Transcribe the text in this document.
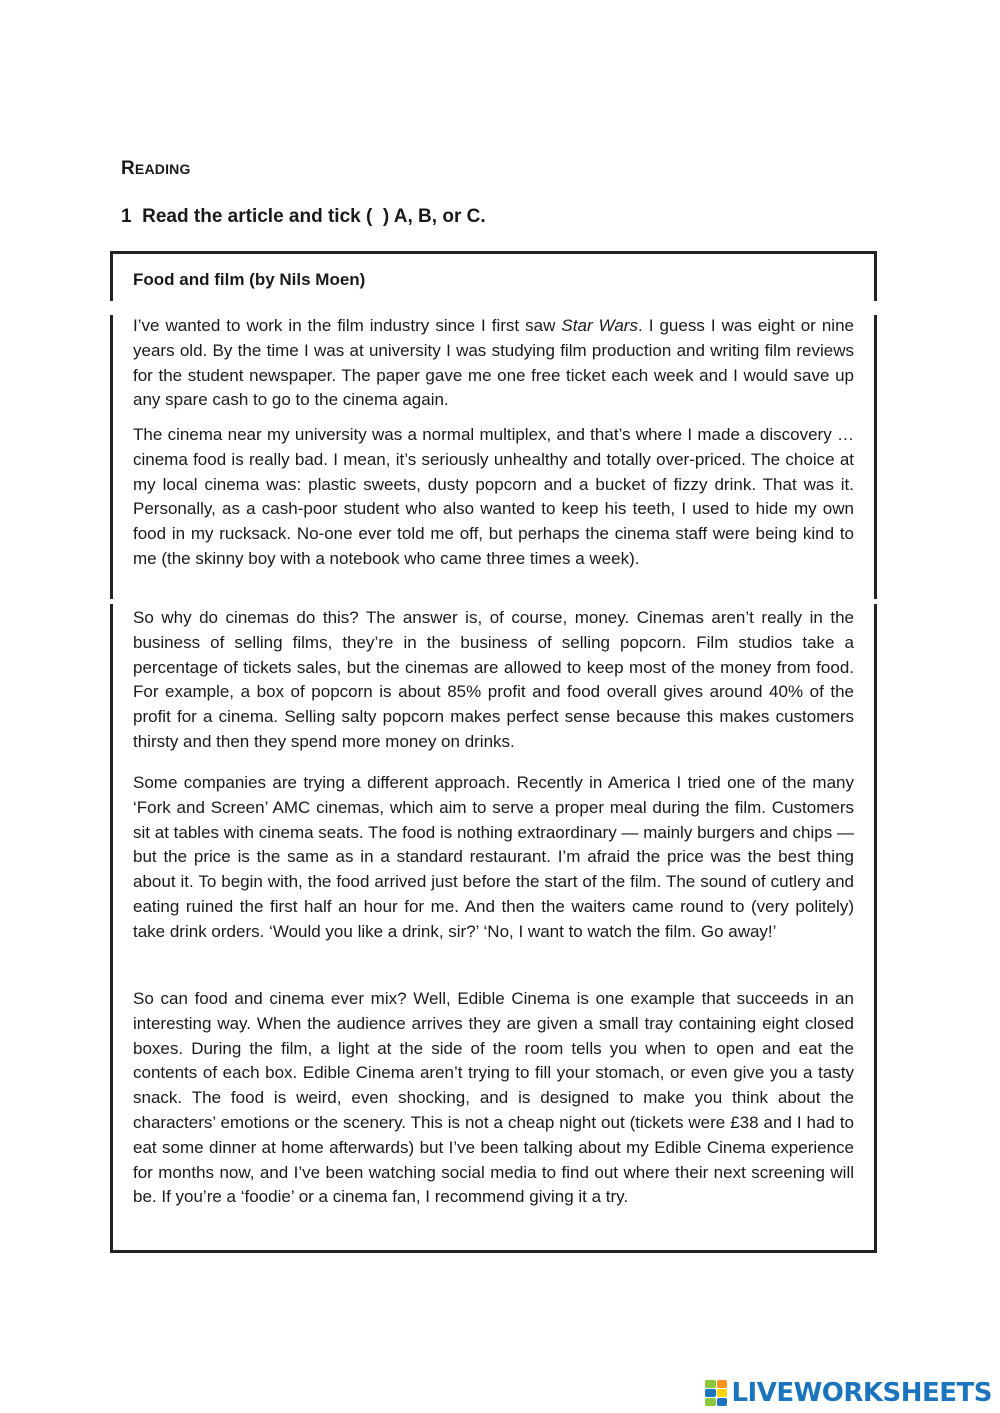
READING
1 Read the article and tick (  ) A, B, or C.
Food and film (by Nils Moen)

I’ve wanted to work in the film industry since I first saw Star Wars. I guess I was eight or nine years old. By the time I was at university I was studying film production and writing film reviews for the student newspaper. The paper gave me one free ticket each week and I would save up any spare cash to go to the cinema again.

The cinema near my university was a normal multiplex, and that’s where I made a discovery … cinema food is really bad. I mean, it’s seriously unhealthy and totally over-priced. The choice at my local cinema was: plastic sweets, dusty popcorn and a bucket of fizzy drink. That was it. Personally, as a cash-poor student who also wanted to keep his teeth, I used to hide my own food in my rucksack. No-one ever told me off, but perhaps the cinema staff were being kind to me (the skinny boy with a notebook who came three times a week).

So why do cinemas do this? The answer is, of course, money. Cinemas aren’t really in the business of selling films, they’re in the business of selling popcorn. Film studios take a percentage of tickets sales, but the cinemas are allowed to keep most of the money from food. For example, a box of popcorn is about 85% profit and food overall gives around 40% of the profit for a cinema. Selling salty popcorn makes perfect sense because this makes customers thirsty and then they spend more money on drinks.

Some companies are trying a different approach. Recently in America I tried one of the many ‘Fork and Screen’ AMC cinemas, which aim to serve a proper meal during the film. Customers sit at tables with cinema seats. The food is nothing extraordinary — mainly burgers and chips — but the price is the same as in a standard restaurant. I’m afraid the price was the best thing about it. To begin with, the food arrived just before the start of the film. The sound of cutlery and eating ruined the first half an hour for me. And then the waiters came round to (very politely) take drink orders. ‘Would you like a drink, sir?’ ‘No, I want to watch the film. Go away!’

So can food and cinema ever mix? Well, Edible Cinema is one example that succeeds in an interesting way. When the audience arrives they are given a small tray containing eight closed boxes. During the film, a light at the side of the room tells you when to open and eat the contents of each box. Edible Cinema aren’t trying to fill your stomach, or even give you a tasty snack. The food is weird, even shocking, and is designed to make you think about the characters’ emotions or the scenery. This is not a cheap night out (tickets were £38 and I had to eat some dinner at home afterwards) but I’ve been talking about my Edible Cinema experience for months now, and I’ve been watching social media to find out where their next screening will be. If you’re a ‘foodie’ or a cinema fan, I recommend giving it a try.

LIVEWORKSHEETS
